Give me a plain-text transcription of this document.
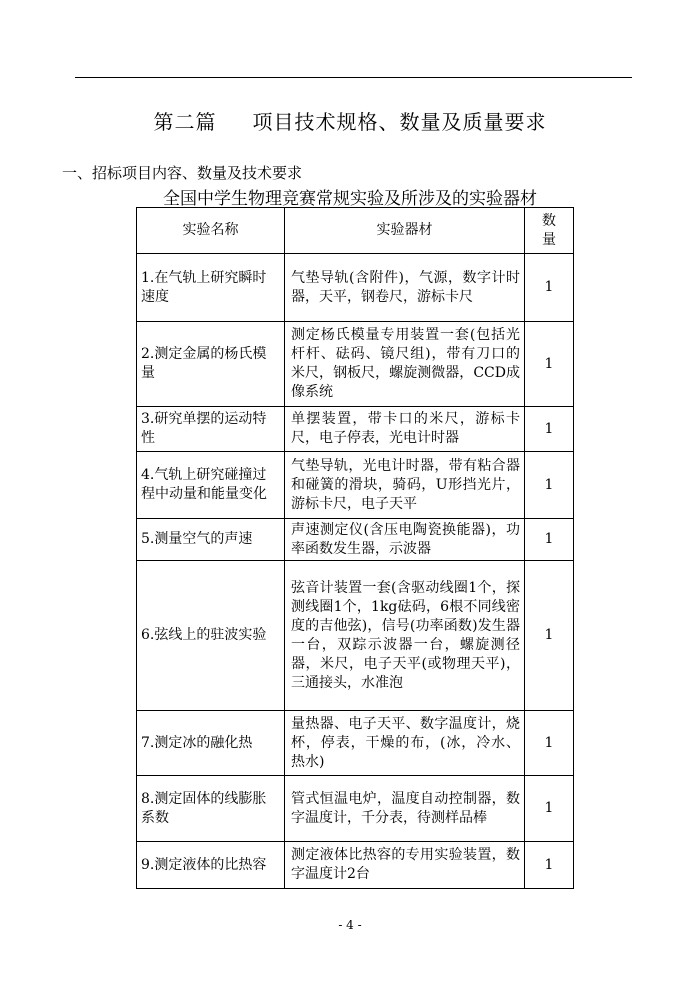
第二篇 项目技术规格、数量及质量要求
一、招标项目内容、数量及技术要求
全国中学生物理竞赛常规实验及所涉及的实验器材
实验名称	实验器材	数量
1.在气轨上研究瞬时速度	气垫导轨(含附件)，气源，数字计时器，天平，钢卷尺，游标卡尺	1
2.测定金属的杨氏模量	测定杨氏模量专用装置一套(包括光杆杆、砝码、镜尺组)，带有刀口的米尺，钢板尺，螺旋测微器，CCD成像系统	1
3.研究单摆的运动特性	单摆装置，带卡口的米尺，游标卡尺，电子停表，光电计时器	1
4.气轨上研究碰撞过程中动量和能量变化	气垫导轨，光电计时器，带有粘合器和碰簧的滑块，骑码，U形挡光片，游标卡尺，电子天平	1
5.测量空气的声速	声速测定仪(含压电陶瓷换能器)，功率函数发生器，示波器	1
6.弦线上的驻波实验	弦音计装置一套(含驱动线圈1个，探测线圈1个，1kg砝码，6根不同线密度的吉他弦)，信号(功率函数)发生器一台，双踪示波器一台，螺旋测径器，米尺，电子天平(或物理天平)，三通接头，水准泡	1
7.测定冰的融化热	量热器、电子天平、数字温度计，烧杯，停表，干燥的布，(冰，冷水、热水)	1
8.测定固体的线膨胀系数	管式恒温电炉，温度自动控制器，数字温度计，千分表，待测样品棒	1
9.测定液体的比热容	测定液体比热容的专用实验装置，数字温度计2台	1
- 4 -
